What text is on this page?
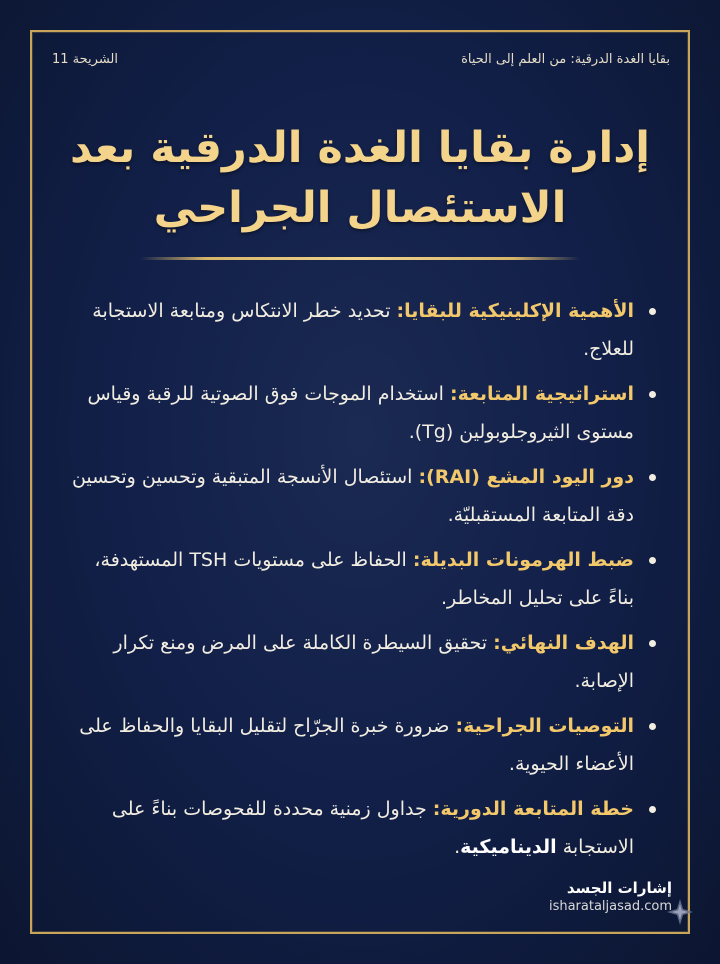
بقايا الغدة الدرقية: من العلم إلى الحياة
الشريحة 11
إدارة بقايا الغدة الدرقية بعد الاستئصال الجراحي
الأهمية الإكلينيكية للبقايا: تحديد خطر الانتكاس ومتابعة الاستجابة للعلاج.
استراتيجية المتابعة: استخدام الموجات فوق الصوتية للرقبة وقياس مستوى الثيروجلوبولين (Tg).
دور اليود المشع (RAI): استئصال الأنسجة المتبقية وتحسين وتحسين دقة المتابعة المستقبليّة.
ضبط الهرمونات البديلة: الحفاظ على مستويات TSH المستهدفة، بناءً على تحليل المخاطر.
الهدف النهائي: تحقيق السيطرة الكاملة على المرض ومنع تكرار الإصابة.
التوصيات الجراحية: ضرورة خبرة الجرّاح لتقليل البقايا والحفاظ على الأعضاء الحيوية.
خطة المتابعة الدورية: جداول زمنية محددة للفحوصات بناءً على الاستجابة الديناميكية.
إشارات الجسد
isharataljasad.com
